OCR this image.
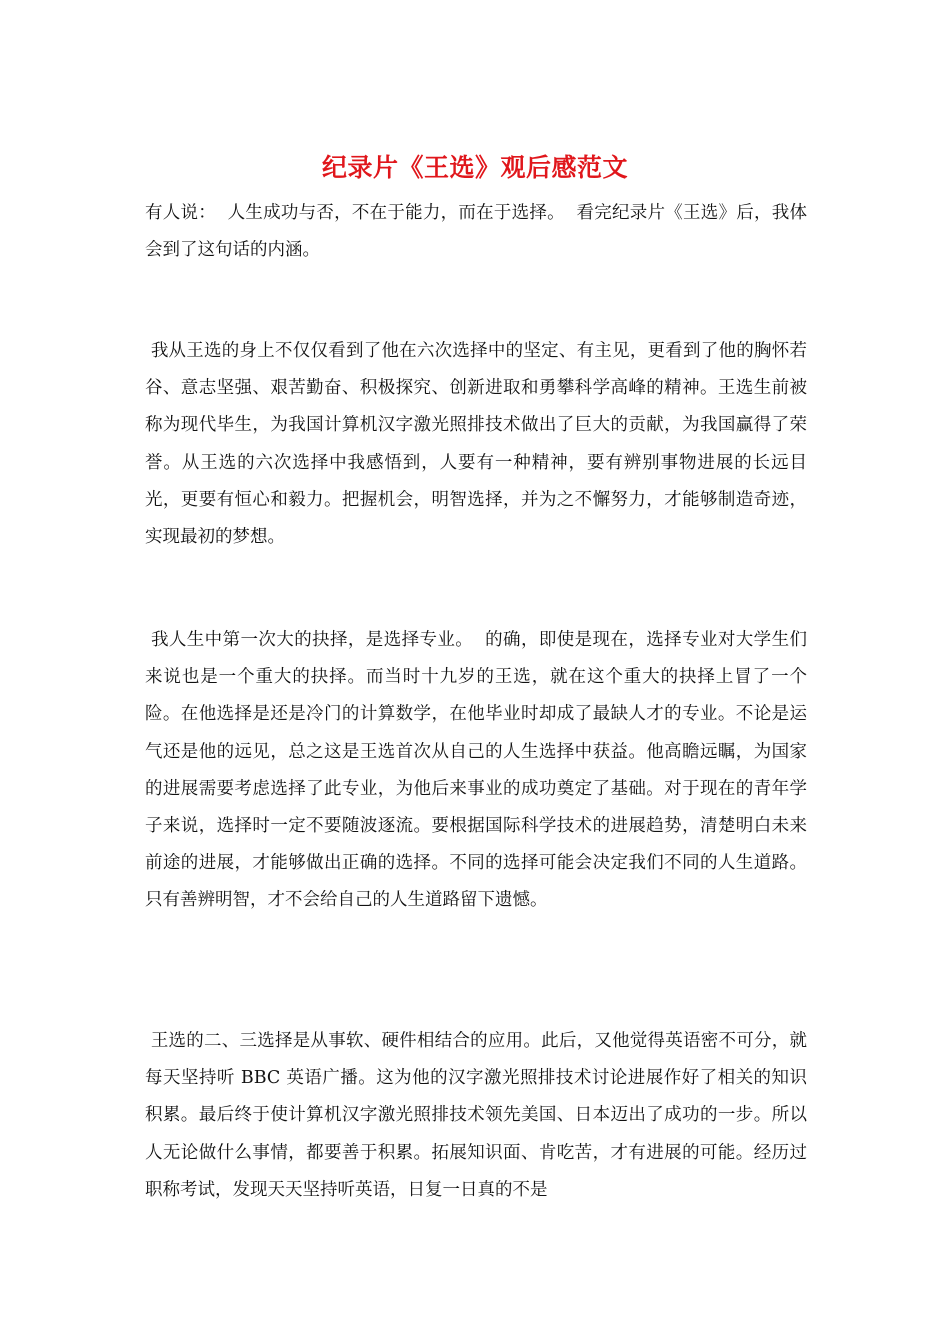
纪录片《王选》观后感范文

有人说：  人生成功与否，不在于能力，而在于选择。  看完纪录片《王选》后，我体会到了这句话的内涵。

我从王选的身上不仅仅看到了他在六次选择中的坚定、有主见，更看到了他的胸怀若谷、意志坚强、艰苦勤奋、积极探究、创新进取和勇攀科学高峰的精神。王选生前被称为现代毕生，为我国计算机汉字激光照排技术做出了巨大的贡献，为我国赢得了荣誉。从王选的六次选择中我感悟到，人要有一种精神，要有辨别事物进展的长远目光，更要有恒心和毅力。把握机会，明智选择，并为之不懈努力，才能够制造奇迹，实现最初的梦想。

我人生中第一次大的抉择，是选择专业。  的确，即使是现在，选择专业对大学生们来说也是一个重大的抉择。而当时十九岁的王选，就在这个重大的抉择上冒了一个险。在他选择是还是冷门的计算数学，在他毕业时却成了最缺人才的专业。不论是运气还是他的远见，总之这是王选首次从自己的人生选择中获益。他高瞻远瞩，为国家的进展需要考虑选择了此专业，为他后来事业的成功奠定了基础。对于现在的青年学子来说，选择时一定不要随波逐流。要根据国际科学技术的进展趋势，清楚明白未来前途的进展，才能够做出正确的选择。不同的选择可能会决定我们不同的人生道路。只有善辨明智，才不会给自己的人生道路留下遗憾。

王选的二、三选择是从事软、硬件相结合的应用。此后，又他觉得英语密不可分，就每天坚持听 BBC 英语广播。这为他的汉字激光照排技术讨论进展作好了相关的知识积累。最后终于使计算机汉字激光照排技术领先美国、日本迈出了成功的一步。所以人无论做什么事情，都要善于积累。拓展知识面、肯吃苦，才有进展的可能。经历过职称考试，发现天天坚持听英语，日复一日真的不是
